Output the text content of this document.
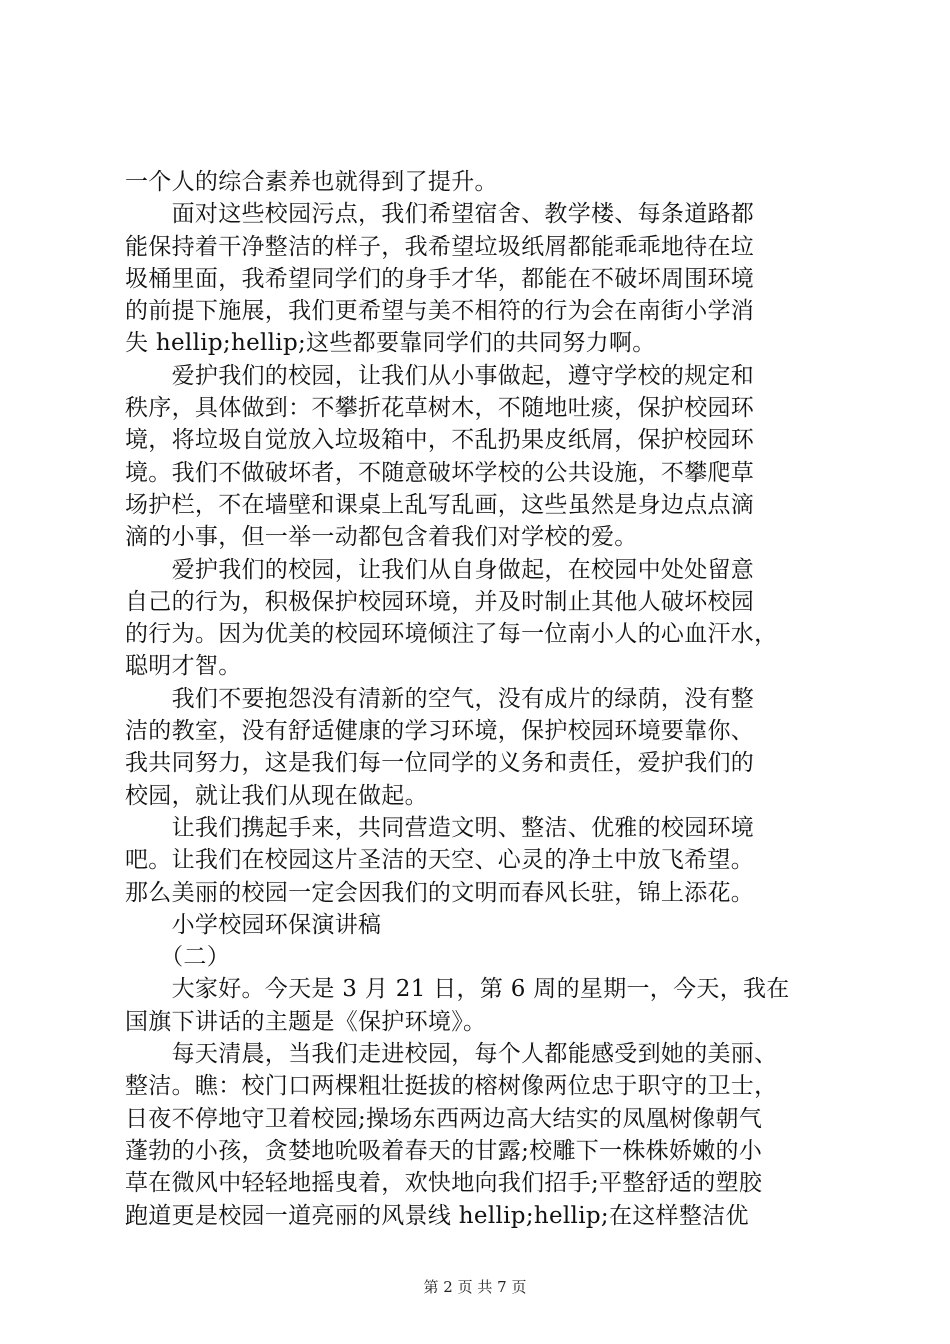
一个人的综合素养也就得到了提升。
　　面对这些校园污点，我们希望宿舍、教学楼、每条道路都
能保持着干净整洁的样子，我希望垃圾纸屑都能乖乖地待在垃
圾桶里面，我希望同学们的身手才华，都能在不破坏周围环境
的前提下施展，我们更希望与美不相符的行为会在南街小学消
失 hellip;hellip;这些都要靠同学们的共同努力啊。
　　爱护我们的校园，让我们从小事做起，遵守学校的规定和
秩序，具体做到：不攀折花草树木，不随地吐痰，保护校园环
境，将垃圾自觉放入垃圾箱中，不乱扔果皮纸屑，保护校园环
境。我们不做破坏者，不随意破坏学校的公共设施，不攀爬草
场护栏，不在墙壁和课桌上乱写乱画，这些虽然是身边点点滴
滴的小事，但一举一动都包含着我们对学校的爱。
　　爱护我们的校园，让我们从自身做起，在校园中处处留意
自己的行为，积极保护校园环境，并及时制止其他人破坏校园
的行为。因为优美的校园环境倾注了每一位南小人的心血汗水，
聪明才智。
　　我们不要抱怨没有清新的空气，没有成片的绿荫，没有整
洁的教室，没有舒适健康的学习环境，保护校园环境要靠你、
我共同努力，这是我们每一位同学的义务和责任，爱护我们的
校园，就让我们从现在做起。
　　让我们携起手来，共同营造文明、整洁、优雅的校园环境
吧。让我们在校园这片圣洁的天空、心灵的净土中放飞希望。
那么美丽的校园一定会因我们的文明而春风长驻，锦上添花。
　　小学校园环保演讲稿
　　（二）
　　大家好。今天是 3 月 21 日，第 6 周的星期一，今天，我在
国旗下讲话的主题是《保护环境》。
　　每天清晨，当我们走进校园，每个人都能感受到她的美丽、
整洁。瞧：校门口两棵粗壮挺拔的榕树像两位忠于职守的卫士，
日夜不停地守卫着校园;操场东西两边高大结实的凤凰树像朝气
蓬勃的小孩，贪婪地吮吸着春天的甘露;校雕下一株株娇嫩的小
草在微风中轻轻地摇曳着，欢快地向我们招手;平整舒适的塑胶
跑道更是校园一道亮丽的风景线 hellip;hellip;在这样整洁优
第 2 页 共 7 页
